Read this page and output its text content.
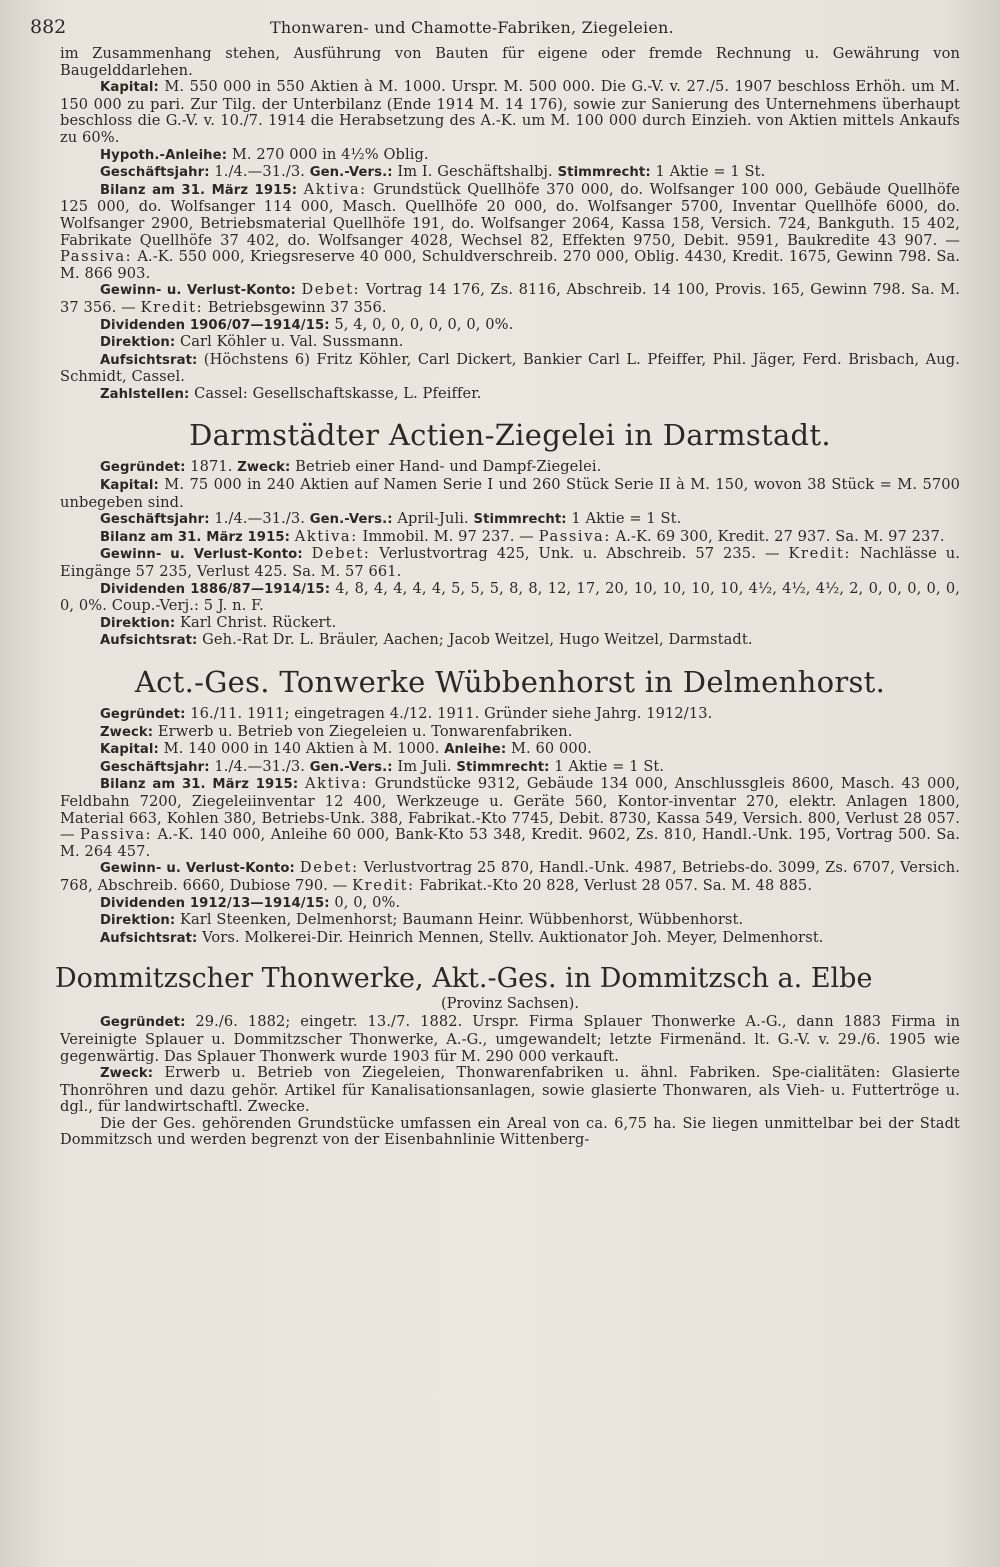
882	Thonwaren- und Chamotte-Fabriken, Ziegeleien.

im Zusammenhang stehen, Ausführung von Bauten für eigene oder fremde Rechnung u. Gewährung von Baugelddarlehen.

Kapital: M. 550 000 in 550 Aktien à M. 1000. Urspr. M. 500 000. Die G.-V. v. 27./5. 1907 beschloss Erhöh. um M. 150 000 zu pari. Zur Tilg. der Unterbilanz (Ende 1914 M. 14 176), sowie zur Sanierung des Unternehmens überhaupt beschloss die G.-V. v. 10./7. 1914 die Herabsetzung des A.-K. um M. 100 000 durch Einzieh. von Aktien mittels Ankaufs zu 60%.

Hypoth.-Anleihe: M. 270 000 in 4½% Oblig.

Geschäftsjahr: 1./4.—31./3. Gen.-Vers.: Im I. Geschäftshalbj. Stimmrecht: 1 Aktie = 1 St.

Bilanz am 31. März 1915: Aktiva: Grundstück Quellhöfe 370 000, do. Wolfsanger 100 000, Gebäude Quellhöfe 125 000, do. Wolfsanger 114 000, Masch. Quellhöfe 20 000, do. Wolfsanger 5700, Inventar Quellhöfe 6000, do. Wolfsanger 2900, Betriebsmaterial Quellhöfe 191, do. Wolfsanger 2064, Kassa 158, Versich. 724, Bankguth. 15 402, Fabrikate Quellhöfe 37 402, do. Wolfsanger 4028, Wechsel 82, Effekten 9750, Debit. 9591, Baukredite 43 907. — Passiva: A.-K. 550 000, Kriegsreserve 40 000, Schuldverschreib. 270 000, Oblig. 4430, Kredit. 1675, Gewinn 798. Sa. M. 866 903.

Gewinn- u. Verlust-Konto: Debet: Vortrag 14 176, Zs. 8116, Abschreib. 14 100, Provis. 165, Gewinn 798. Sa. M. 37 356. — Kredit: Betriebsgewinn 37 356.

Dividenden 1906/07—1914/15: 5, 4, 0, 0, 0, 0, 0, 0, 0%.

Direktion: Carl Köhler u. Val. Sussmann.

Aufsichtsrat: (Höchstens 6) Fritz Köhler, Carl Dickert, Bankier Carl L. Pfeiffer, Phil. Jäger, Ferd. Brisbach, Aug. Schmidt, Cassel.

Zahlstellen: Cassel: Gesellschaftskasse, L. Pfeiffer.

Darmstädter Actien-Ziegelei in Darmstadt.

Gegründet: 1871. Zweck: Betrieb einer Hand- und Dampf-Ziegelei.

Kapital: M. 75 000 in 240 Aktien auf Namen Serie I und 260 Stück Serie II à M. 150, wovon 38 Stück = M. 5700 unbegeben sind.

Geschäftsjahr: 1./4.—31./3. Gen.-Vers.: April-Juli. Stimmrecht: 1 Aktie = 1 St.

Bilanz am 31. März 1915: Aktiva: Immobil. M. 97 237. — Passiva: A.-K. 69 300, Kredit. 27 937. Sa. M. 97 237.

Gewinn- u. Verlust-Konto: Debet: Verlustvortrag 425, Unk. u. Abschreib. 57 235. — Kredit: Nachlässe u. Eingänge 57 235, Verlust 425. Sa. M. 57 661.

Dividenden 1886/87—1914/15: 4, 8, 4, 4, 4, 4, 5, 5, 5, 8, 8, 12, 17, 20, 10, 10, 10, 10, 4½, 4½, 4½, 2, 0, 0, 0, 0, 0, 0, 0%. Coup.-Verj.: 5 J. n. F.

Direktion: Karl Christ. Rückert.

Aufsichtsrat: Geh.-Rat Dr. L. Bräuler, Aachen; Jacob Weitzel, Hugo Weitzel, Darmstadt.

Act.-Ges. Tonwerke Wübbenhorst in Delmenhorst.

Gegründet: 16./11. 1911; eingetragen 4./12. 1911. Gründer siehe Jahrg. 1912/13.

Zweck: Erwerb u. Betrieb von Ziegeleien u. Tonwarenfabriken.

Kapital: M. 140 000 in 140 Aktien à M. 1000. Anleihe: M. 60 000.

Geschäftsjahr: 1./4.—31./3. Gen.-Vers.: Im Juli. Stimmrecht: 1 Aktie = 1 St.

Bilanz am 31. März 1915: Aktiva: Grundstücke 9312, Gebäude 134 000, Anschlussgleis 8600, Masch. 43 000, Feldbahn 7200, Ziegeleiinventar 12 400, Werkzeuge u. Geräte 560, Kontor-inventar 270, elektr. Anlagen 1800, Material 663, Kohlen 380, Betriebs-Unk. 388, Fabrikat.-Kto 7745, Debit. 8730, Kassa 549, Versich. 800, Verlust 28 057. — Passiva: A.-K. 140 000, Anleihe 60 000, Bank-Kto 53 348, Kredit. 9602, Zs. 810, Handl.-Unk. 195, Vortrag 500. Sa. M. 264 457.

Gewinn- u. Verlust-Konto: Debet: Verlustvortrag 25 870, Handl.-Unk. 4987, Betriebs-do. 3099, Zs. 6707, Versich. 768, Abschreib. 6660, Dubiose 790. — Kredit: Fabrikat.-Kto 20 828, Verlust 28 057. Sa. M. 48 885.

Dividenden 1912/13—1914/15: 0, 0, 0%.

Direktion: Karl Steenken, Delmenhorst; Baumann Heinr. Wübbenhorst, Wübbenhorst.

Aufsichtsrat: Vors. Molkerei-Dir. Heinrich Mennen, Stellv. Auktionator Joh. Meyer, Delmenhorst.

Dommitzscher Thonwerke, Akt.-Ges. in Dommitzsch a. Elbe
(Provinz Sachsen).

Gegründet: 29./6. 1882; eingetr. 13./7. 1882. Urspr. Firma Splauer Thonwerke A.-G., dann 1883 Firma in Vereinigte Splauer u. Dommitzscher Thonwerke, A.-G., umgewandelt; letzte Firmenänd. lt. G.-V. v. 29./6. 1905 wie gegenwärtig. Das Splauer Thonwerk wurde 1903 für M. 290 000 verkauft.

Zweck: Erwerb u. Betrieb von Ziegeleien, Thonwarenfabriken u. ähnl. Fabriken. Spe-cialitäten: Glasierte Thonröhren und dazu gehör. Artikel für Kanalisationsanlagen, sowie glasierte Thonwaren, als Vieh- u. Futtertröge u. dgl., für landwirtschaftl. Zwecke.

Die der Ges. gehörenden Grundstücke umfassen ein Areal von ca. 6,75 ha. Sie liegen unmittelbar bei der Stadt Dommitzsch und werden begrenzt von der Eisenbahnlinie Wittenberg-
